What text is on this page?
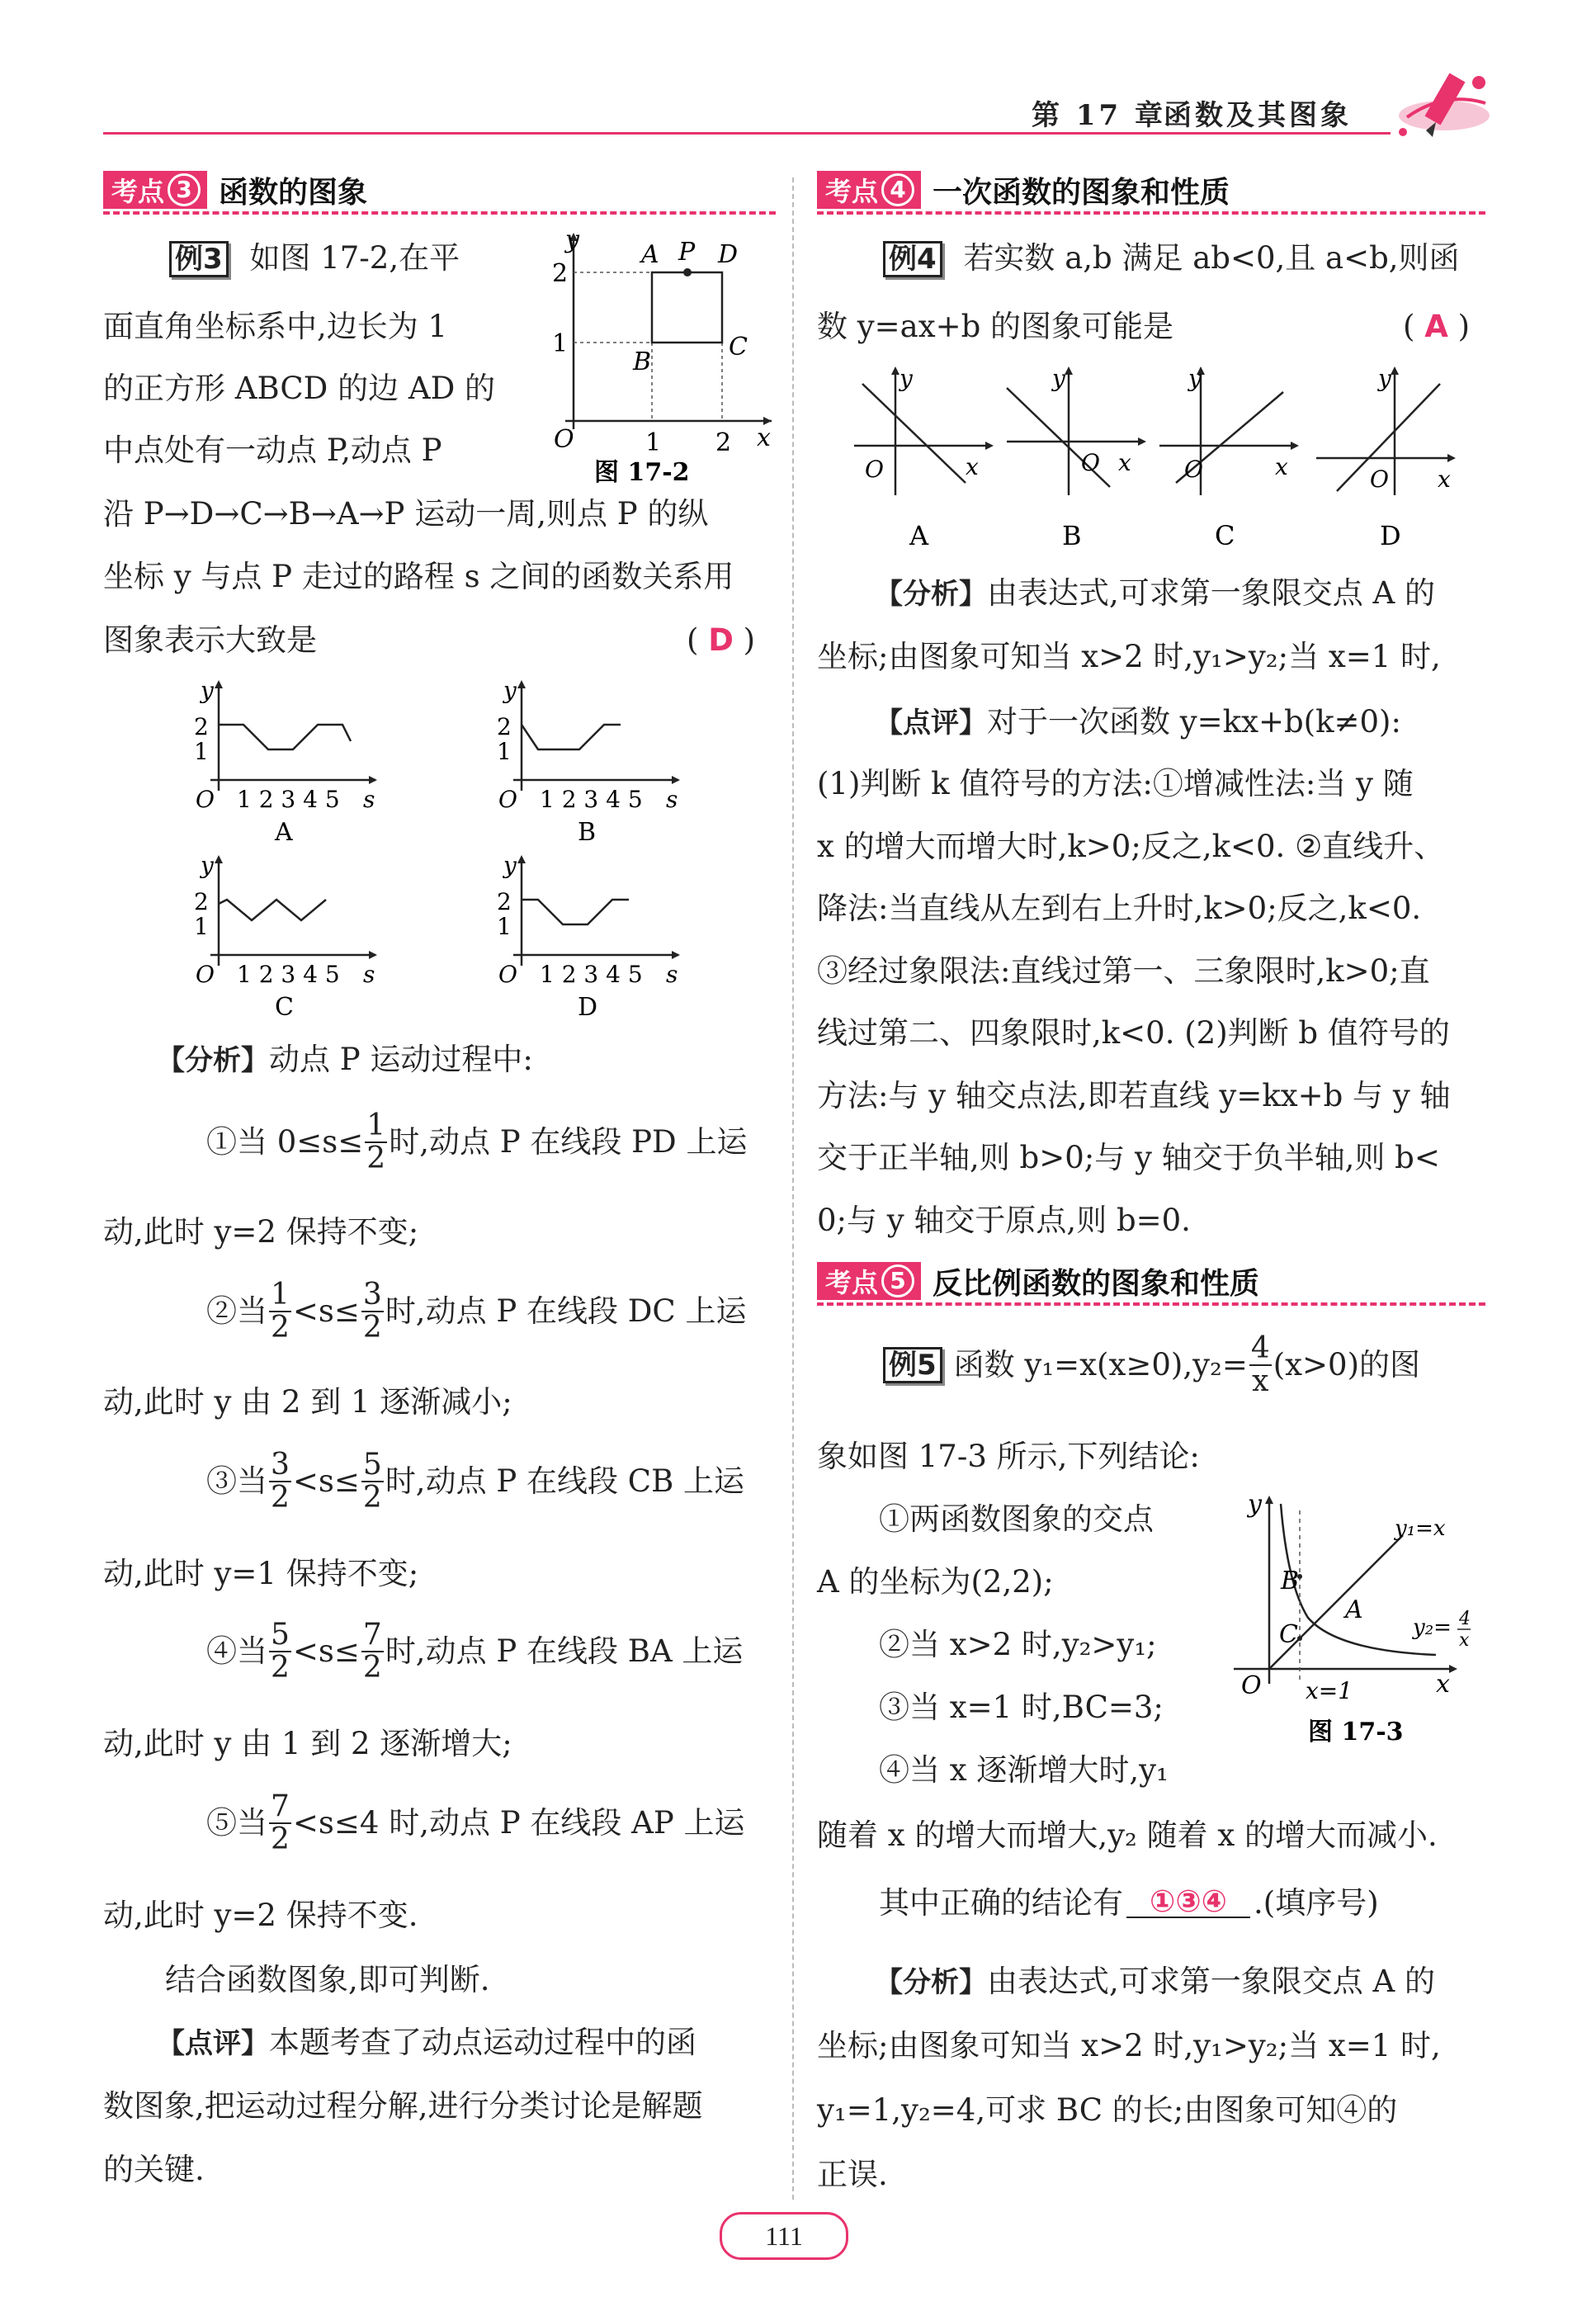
第 17 章
函数及其图象
考点 3 函数的图象
例3 如图 17-2,在平
面直角坐标系中,边长为 1
的正方形 ABCD 的边 AD 的
中点处有一动点 P,动点 P
沿 P→D→C→B→A→P 运动一周,则点 P 的纵
坐标 y 与点 P 走过的路程 s 之间的函数关系用
图象表示大致是	( D )
y
x
O
A P D
B
C
1 2
1
2
图 17-2
y
2
1
O 1 2 3 4 5 s
A
y
2
1
O 1 2 3 4 5 s
B
y
2
1
O 1 2 3 4 5 s
C
y
2
1
O 1 2 3 4 5 s
D
【分析】动点 P 运动过程中:
①当 $0\le s\le \frac{1}{2}$ 时,动点 P 在线段 PD 上运
动,此时 y=2 保持不变;
②当 $\frac{1}{2} <s\le \frac{3}{2}$ 时,动点 P 在线段 DC 上运
动,此时 y 由 2 到 1 逐渐减小;
③当 $\frac{3}{2} <s\le \frac{5}{2}$ 时,动点 P 在线段 CB 上运
动,此时 y=1 保持不变;
④当 $\frac{5}{2} <s\le \frac{7}{2}$ 时,动点 P 在线段 BA 上运
动,此时 y 由 1 到 2 逐渐增大;
⑤当 $\frac{7}{2} <s\le 4$ 时,动点 P 在线段 AP 上运
动,此时 y=2 保持不变.
结合函数图象,即可判断.
【点评】本题考查了动点运动过程中的函
数图象,把运动过程分解,进行分类讨论是解题
的关键.
考点 4 一次函数的图象和性质
例4 若实数 a,b 满足 ab<0,且 a<b,则函
数 y=ax+b 的图象可能是	( A )
y
O	x
A
y
O x
B
y
O	x
C
y
O x
D
【分析】由表达式,可求第一象限交点 A 的
坐标;由图象可知当 x>2 时,y₁>y₂;当 x=1 时,
【点评】对于一次函数 y=kx+b(k≠0):
(1)判断 k 值符号的方法:①增减性法:当 y 随
x 的增大而增大时,k>0;反之,k<0. ②直线升、
降法:当直线从左到右上升时,k>0;反之,k<0.
③经过象限法:直线过第一、三象限时,k>0;直
线过第二、四象限时,k<0. (2)判断 b 值符号的
方法:与 y 轴交点法,即若直线 y=kx+b 与 y 轴
交于正半轴,则 b>0;与 y 轴交于负半轴,则 b<
0;与 y 轴交于原点,则 b=0.
考点 5 反比例函数的图象和性质
例5 函数 $y_1=x(x\ge 0),y_2= \frac{4}{x} (x>0)$的图
象如图 17-3 所示,下列结论:
①两函数图象的交点
A 的坐标为(2,2);
②当 x>2 时,y₂>y₁;
③当 x=1 时,BC=3;
④当 x 逐渐增大时,y₁
随着 x 的增大而增大,y₂ 随着 x 的增大而减小.
y
x
O
B
C
A
y₁=x
y₂= 4
x
x=1
图 17-3
其中正确的结论有 ①③④ .(填序号)
【分析】由表达式,可求第一象限交点 A 的
坐标;由图象可知当 x>2 时,y₁>y₂;当 x=1 时,
y₁=1,y₂=4,可求 BC 的长;由图象可知④的
正误.
111
